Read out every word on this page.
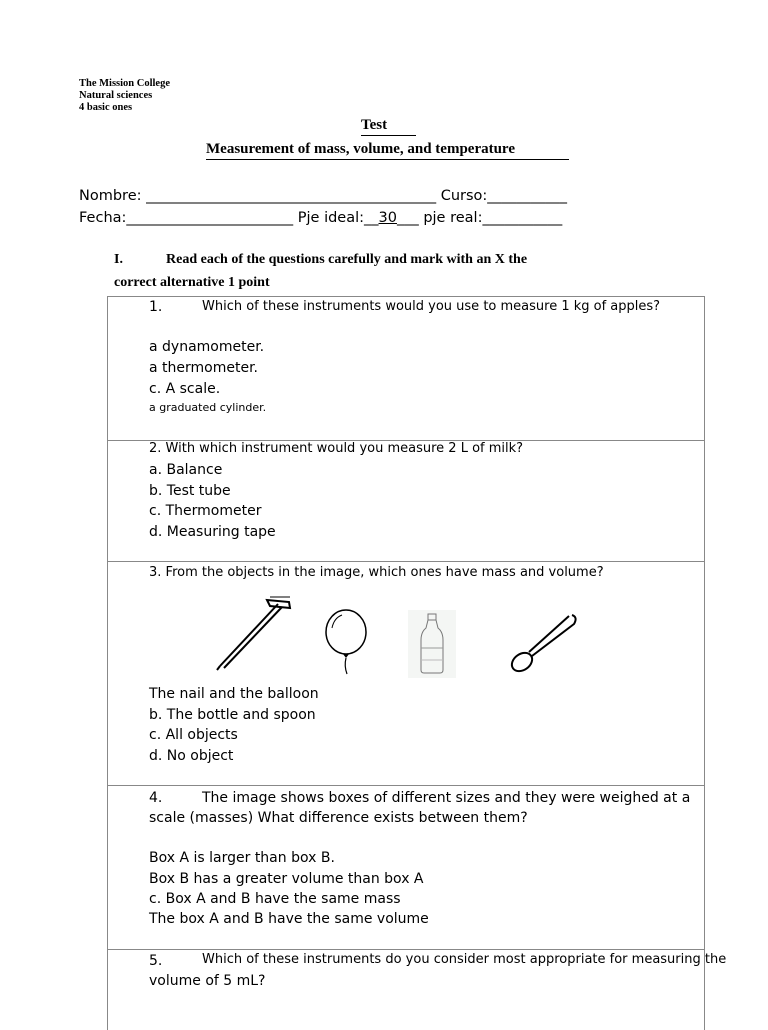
The Mission College
Natural sciences
4 basic ones
Test
Measurement of mass, volume, and temperature
Nombre: ________________________________________ Curso:___________
Fecha:_______________________ Pje ideal:__30___ pje real:___________
I.	Read each of the questions carefully and mark with an X the
correct alternative 1 point
1.	Which of these instruments would you use to measure 1 kg of apples?
a dynamometer.
a thermometer.
c. A scale.
a graduated cylinder.
2. With which instrument would you measure 2 L of milk?
a. Balance
b. Test tube
c. Thermometer
d. Measuring tape
3. From the objects in the image, which ones have mass and volume?
The nail and the balloon
b. The bottle and spoon
c. All objects
d. No object
4.	The image shows boxes of different sizes and they were weighed at a
scale (masses) What difference exists between them?
Box A is larger than box B.
Box B has a greater volume than box A
c. Box A and B have the same mass
The box A and B have the same volume
5.	Which of these instruments do you consider most appropriate for measuring the
volume of 5 mL?
